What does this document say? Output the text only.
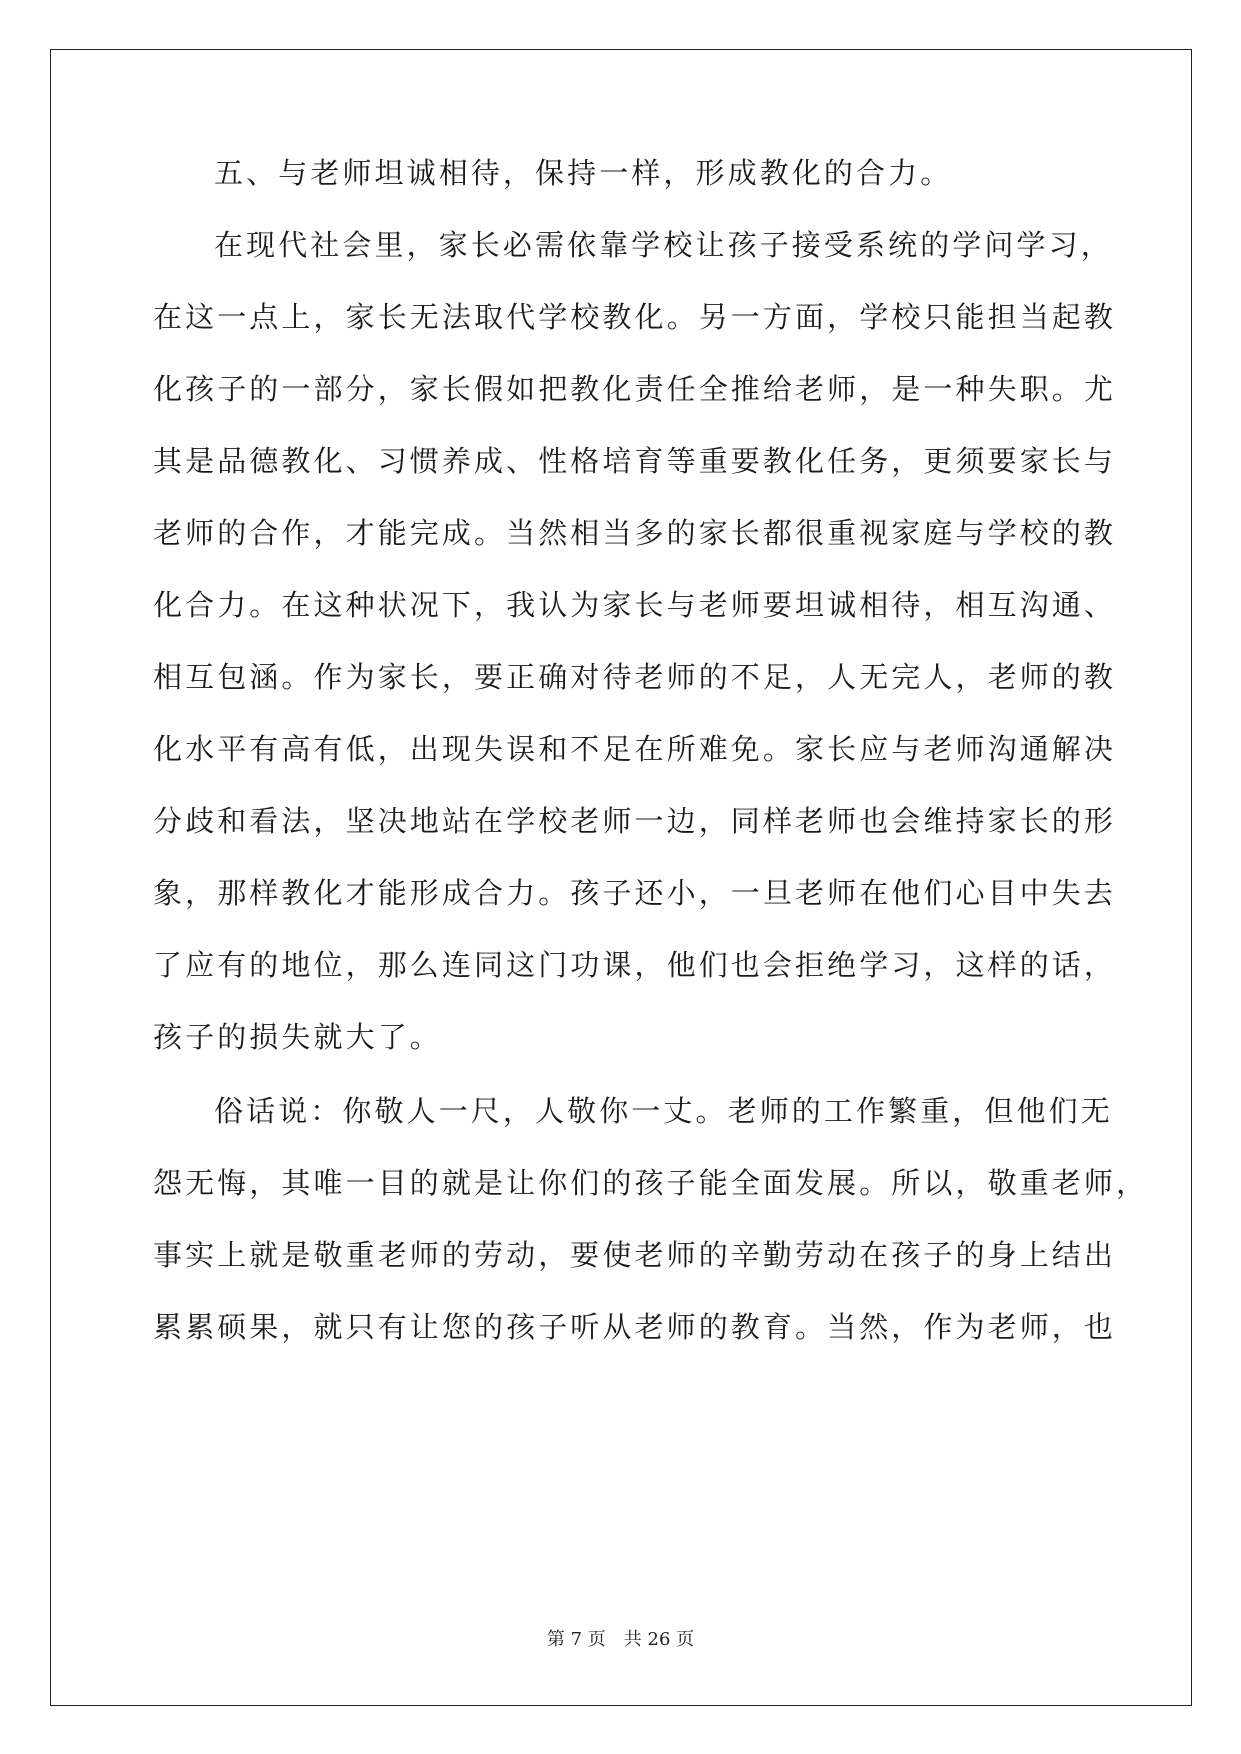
五、与老师坦诚相待，保持一样，形成教化的合力。
在现代社会里，家长必需依靠学校让孩子接受系统的学问学习，
在这一点上，家长无法取代学校教化。另一方面，学校只能担当起教
化孩子的一部分，家长假如把教化责任全推给老师，是一种失职。尤
其是品德教化、习惯养成、性格培育等重要教化任务，更须要家长与
老师的合作，才能完成。当然相当多的家长都很重视家庭与学校的教
化合力。在这种状况下，我认为家长与老师要坦诚相待，相互沟通、
相互包涵。作为家长，要正确对待老师的不足，人无完人，老师的教
化水平有高有低，出现失误和不足在所难免。家长应与老师沟通解决
分歧和看法，坚决地站在学校老师一边，同样老师也会维持家长的形
象，那样教化才能形成合力。孩子还小，一旦老师在他们心目中失去
了应有的地位，那么连同这门功课，他们也会拒绝学习，这样的话，
孩子的损失就大了。
俗话说：你敬人一尺，人敬你一丈。老师的工作繁重，但他们无
怨无悔，其唯一目的就是让你们的孩子能全面发展。所以，敬重老师，
事实上就是敬重老师的劳动，要使老师的辛勤劳动在孩子的身上结出
累累硕果，就只有让您的孩子听从老师的教育。当然，作为老师，也
第 7 页　共 26 页
